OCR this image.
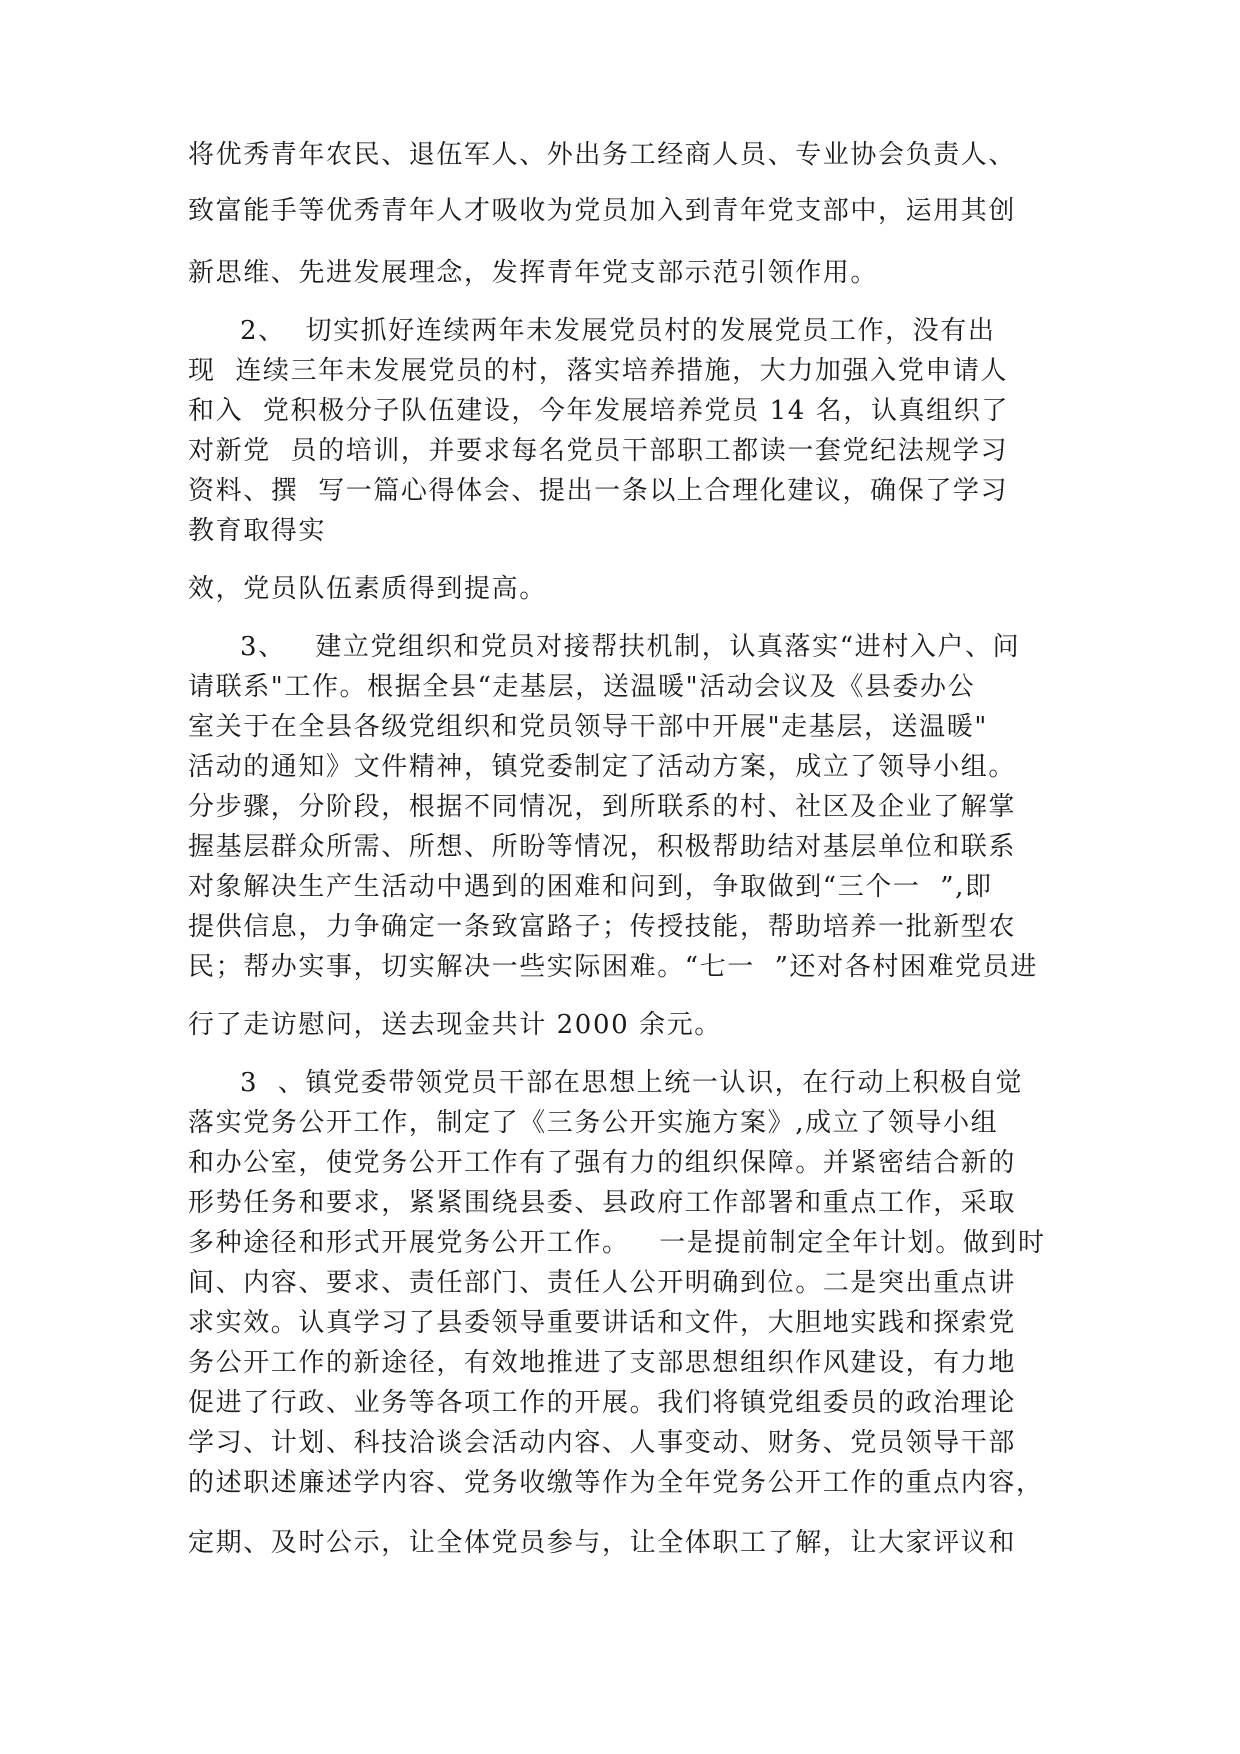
将优秀青年农民、退伍军人、外出务工经商人员、专业协会负责人、

致富能手等优秀青年人才吸收为党员加入到青年党支部中，运用其创

新思维、先进发展理念，发挥青年党支部示范引领作用。

2、  切实抓好连续两年未发展党员村的发展党员工作，没有出

现  连续三年未发展党员的村，落实培养措施，大力加强入党申请人

和入  党积极分子队伍建设，今年发展培养党员 14 名，认真组织了

对新党  员的培训，并要求每名党员干部职工都读一套党纪法规学习

资料、撰  写一篇心得体会、提出一条以上合理化建议，确保了学习

教育取得实

效，党员队伍素质得到提高。

3、   建立党组织和党员对接帮扶机制，认真落实“进村入户、问

请联系"工作。根据全县“走基层，送温暖"活动会议及《县委办公

室关于在全县各级党组织和党员领导干部中开展"走基层，送温暖"

活动的通知》文件精神，镇党委制定了活动方案，成立了领导小组。

分步骤，分阶段，根据不同情况，到所联系的村、社区及企业了解掌

握基层群众所需、所想、所盼等情况，积极帮助结对基层单位和联系

对象解决生产生活动中遇到的困难和问到，争取做到“三个一  ”,即

提供信息，力争确定一条致富路子；传授技能，帮助培养一批新型农

民；帮办实事，切实解决一些实际困难。“七一  ”还对各村困难党员进

行了走访慰问，送去现金共计 2000 余元。

3  、镇党委带领党员干部在思想上统一认识，在行动上积极自觉

落实党务公开工作，制定了《三务公开实施方案》,成立了领导小组

和办公室，使党务公开工作有了强有力的组织保障。并紧密结合新的

形势任务和要求，紧紧围绕县委、县政府工作部署和重点工作，采取

多种途径和形式开展党务公开工作。   一是提前制定全年计划。做到时

间、内容、要求、责任部门、责任人公开明确到位。二是突出重点讲

求实效。认真学习了县委领导重要讲话和文件，大胆地实践和探索党

务公开工作的新途径，有效地推进了支部思想组织作风建设，有力地

促进了行政、业务等各项工作的开展。我们将镇党组委员的政治理论

学习、计划、科技洽谈会活动内容、人事变动、财务、党员领导干部

的述职述廉述学内容、党务收缴等作为全年党务公开工作的重点内容，

定期、及时公示，让全体党员参与，让全体职工了解，让大家评议和
